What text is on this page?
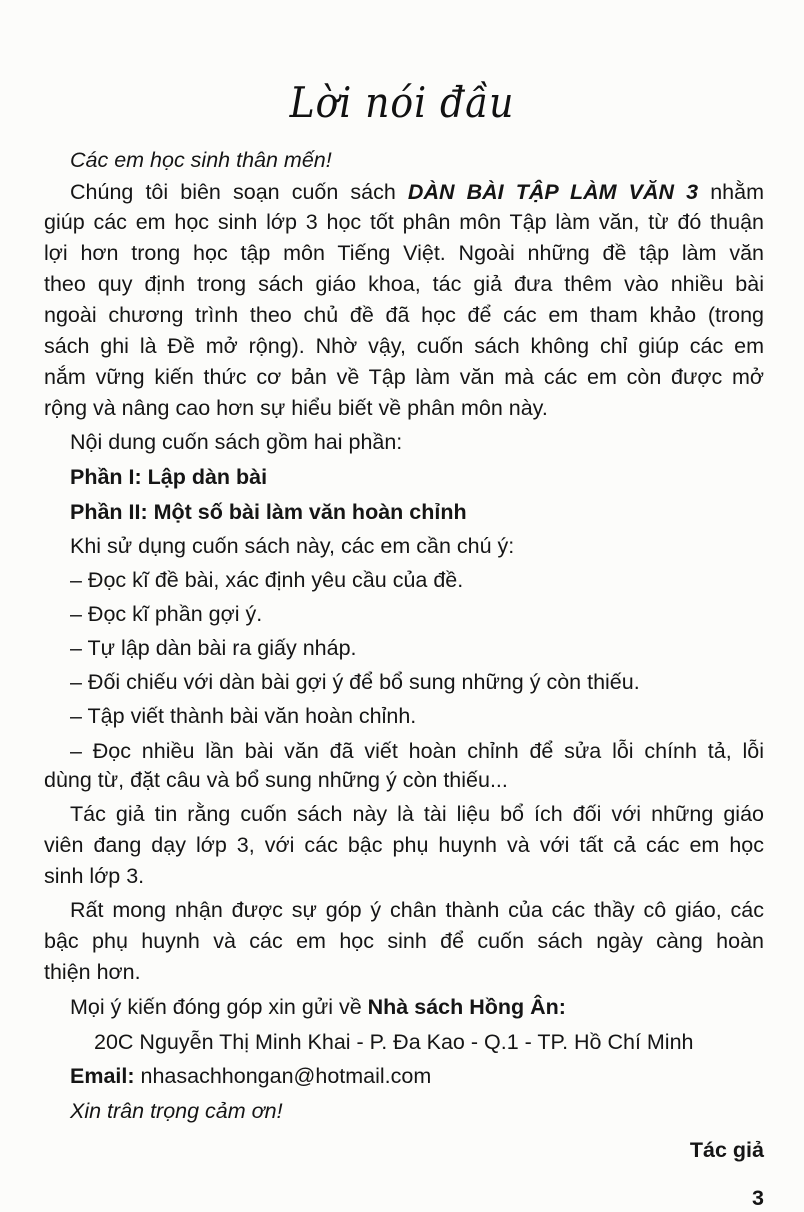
Lời nói đầu
Các em học sinh thân mến!
Chúng tôi biên soạn cuốn sách DÀN BÀI TẬP LÀM VĂN 3 nhằm
giúp các em học sinh lớp 3 học tốt phân môn Tập làm văn, từ đó thuận
lợi hơn trong học tập môn Tiếng Việt. Ngoài những đề tập làm văn
theo quy định trong sách giáo khoa, tác giả đưa thêm vào nhiều bài
ngoài chương trình theo chủ đề đã học để các em tham khảo (trong
sách ghi là Đề mở rộng). Nhờ vậy, cuốn sách không chỉ giúp các em
nắm vững kiến thức cơ bản về Tập làm văn mà các em còn được mở
rộng và nâng cao hơn sự hiểu biết về phân môn này.
Nội dung cuốn sách gồm hai phần:
Phần I: Lập dàn bài
Phần II: Một số bài làm văn hoàn chỉnh
Khi sử dụng cuốn sách này, các em cần chú ý:
– Đọc kĩ đề bài, xác định yêu cầu của đề.
– Đọc kĩ phần gợi ý.
– Tự lập dàn bài ra giấy nháp.
– Đối chiếu với dàn bài gợi ý để bổ sung những ý còn thiếu.
– Tập viết thành bài văn hoàn chỉnh.
– Đọc nhiều lần bài văn đã viết hoàn chỉnh để sửa lỗi chính tả, lỗi
dùng từ, đặt câu và bổ sung những ý còn thiếu...
Tác giả tin rằng cuốn sách này là tài liệu bổ ích đối với những giáo
viên đang dạy lớp 3, với các bậc phụ huynh và với tất cả các em học
sinh lớp 3.
Rất mong nhận được sự góp ý chân thành của các thầy cô giáo, các
bậc phụ huynh và các em học sinh để cuốn sách ngày càng hoàn
thiện hơn.
Mọi ý kiến đóng góp xin gửi về Nhà sách Hồng Ân:
20C Nguyễn Thị Minh Khai - P. Đa Kao - Q.1 - TP. Hồ Chí Minh
Email: nhasachhongan@hotmail.com
Xin trân trọng cảm ơn!
Tác giả
3
